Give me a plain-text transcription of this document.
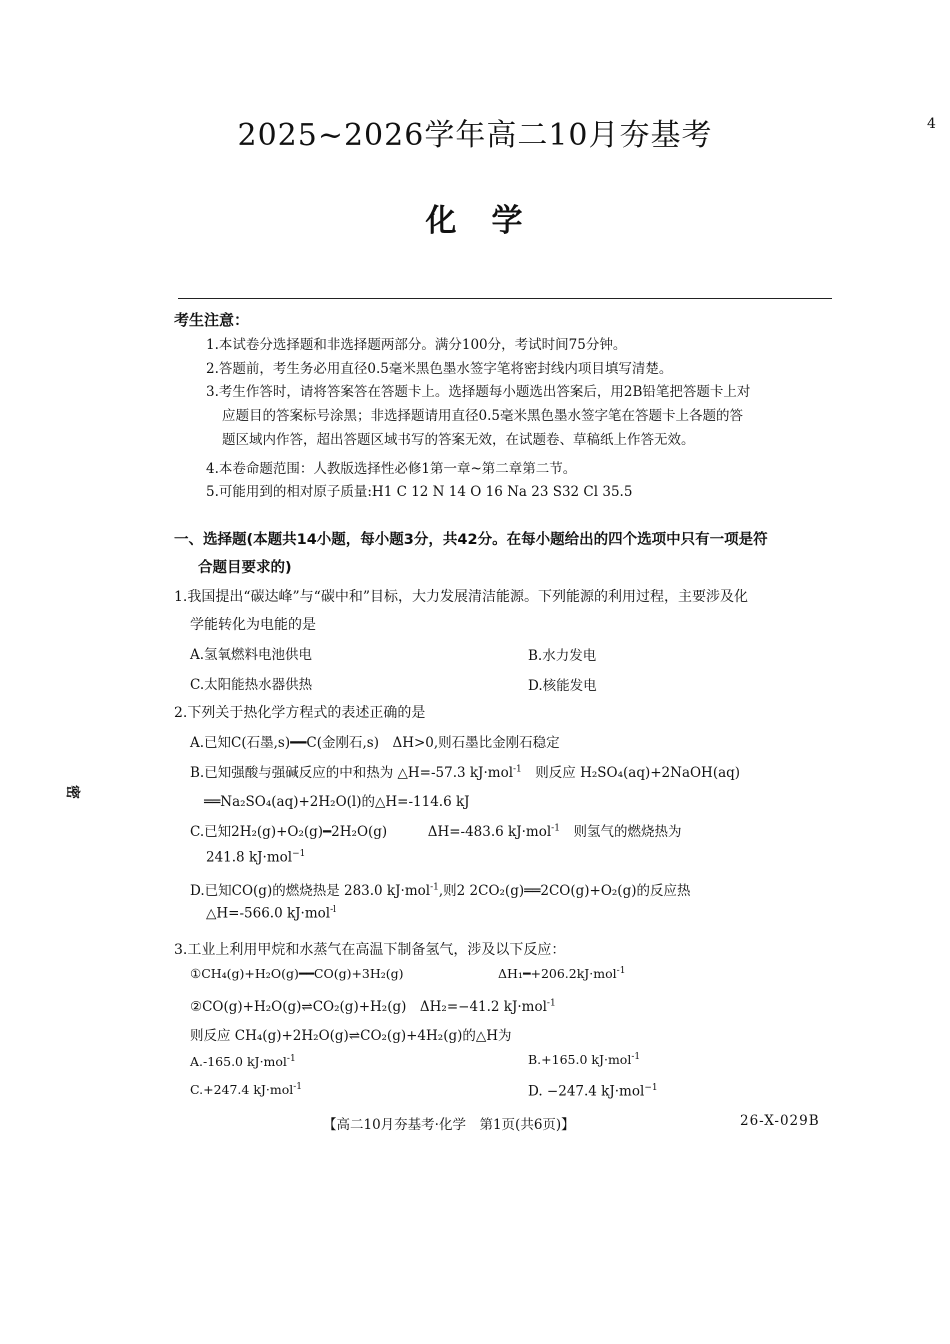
2025~2026学年高二10月夯基考
化　学
4
考生注意：
1.本试卷分选择题和非选择题两部分。满分100分，考试时间75分钟。
2.答题前，考生务必用直径0.5毫米黑色墨水签字笔将密封线内项目填写清楚。
3.考生作答时，请将答案答在答题卡上。选择题每小题选出答案后，用2B铅笔把答题卡上对
应题目的答案标号涂黑；非选择题请用直径0.5毫米黑色墨水签字笔在答题卡上各题的答
题区域内作答，超出答题区域书写的答案无效，在试题卷、草稿纸上作答无效。
4.本卷命题范围：人教版选择性必修1第一章~第二章第二节。
5.可能用到的相对原子质量:H1 C 12 N 14 O 16 Na 23 S32 Cl 35.5
一、选择题(本题共14小题，每小题3分，共42分。在每小题给出的四个选项中只有一项是符
合题目要求的)
1.我国提出“碳达峰”与“碳中和”目标，大力发展清洁能源。下列能源的利用过程，主要涉及化
学能转化为电能的是
A.氢氧燃料电池供电	B.水力发电
C.太阳能热水器供热	D.核能发电
2.下列关于热化学方程式的表述正确的是
A.已知C(石墨,s)━━C(金刚石,s)　ΔH>0,则石墨比金刚石稳定
B.已知强酸与强碱反应的中和热为 △H=-57.3 kJ·mol$^{-1}$　则反应 H₂SO₄(aq)+2NaOH(aq)
══Na₂SO₄(aq)+2H₂O(l)的△H=-114.6 kJ
C.已知2H₂(g)+O₂(g)━2H₂O(g)　　　ΔH=-483.6 kJ·mol$^{-1}$　则氢气的燃烧热为
241.8 kJ·mol$^{-1}$
D.已知CO(g)的燃烧热是 283.0 kJ·mol$^{-1}$,则2 2CO₂(g)══2CO(g)+O₂(g)的反应热
△H=-566.0 kJ·mol$^{-l}$
3.工业上利用甲烷和水蒸气在高温下制备氢气，涉及以下反应：
①CH₄(g)+H₂O(g)━━CO(g)+3H₂(g)	ΔH₁━+206.2kJ·mol$^{-1}$
②CO(g)+H₂O(g)⇌CO₂(g)+H₂(g)　ΔH₂=−41.2 kJ·mol$^{-1}$
则反应 CH₄(g)+2H₂O(g)⇌CO₂(g)+4H₂(g)的△H为
A.-165.0 kJ·mol$^{-1}$	B.+165.0 kJ·mol$^{-1}$
C.+247.4 kJ·mol$^{-1}$	D. −247.4 kJ·mol$^{-1}$
密
【高二10月夯基考·化学　第1页(共6页)】	26-X-029B
